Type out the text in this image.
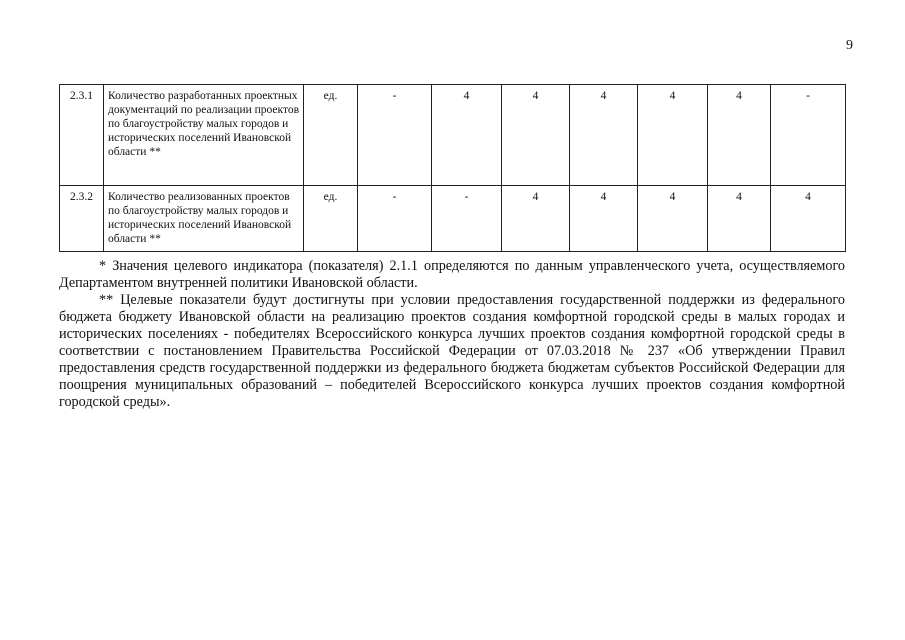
9
2.3.1	Количество разработанных проектных документаций по реализации проектов по благоустройству малых городов и исторических поселений Ивановской области **	ед.	-	4	4	4	4	4	-
2.3.2	Количество реализованных проектов по благоустройству малых городов и исторических поселений Ивановской области **	ед.	-	-	4	4	4	4	4

* Значения целевого индикатора (показателя) 2.1.1 определяются по данным управленческого учета, осуществляемого Департаментом внутренней политики Ивановской области.

** Целевые показатели будут достигнуты при условии предоставления государственной поддержки из федерального бюджета бюджету Ивановской области на реализацию проектов создания комфортной городской среды в малых городах и исторических поселениях - победителях Всероссийского конкурса лучших проектов создания комфортной городской среды в соответствии с постановлением Правительства Российской Федерации от 07.03.2018 № 237 «Об утверждении Правил предоставления средств государственной поддержки из федерального бюджета бюджетам субъектов Российской Федерации для поощрения муниципальных образований – победителей Всероссийского конкурса лучших проектов создания комфортной городской среды».
